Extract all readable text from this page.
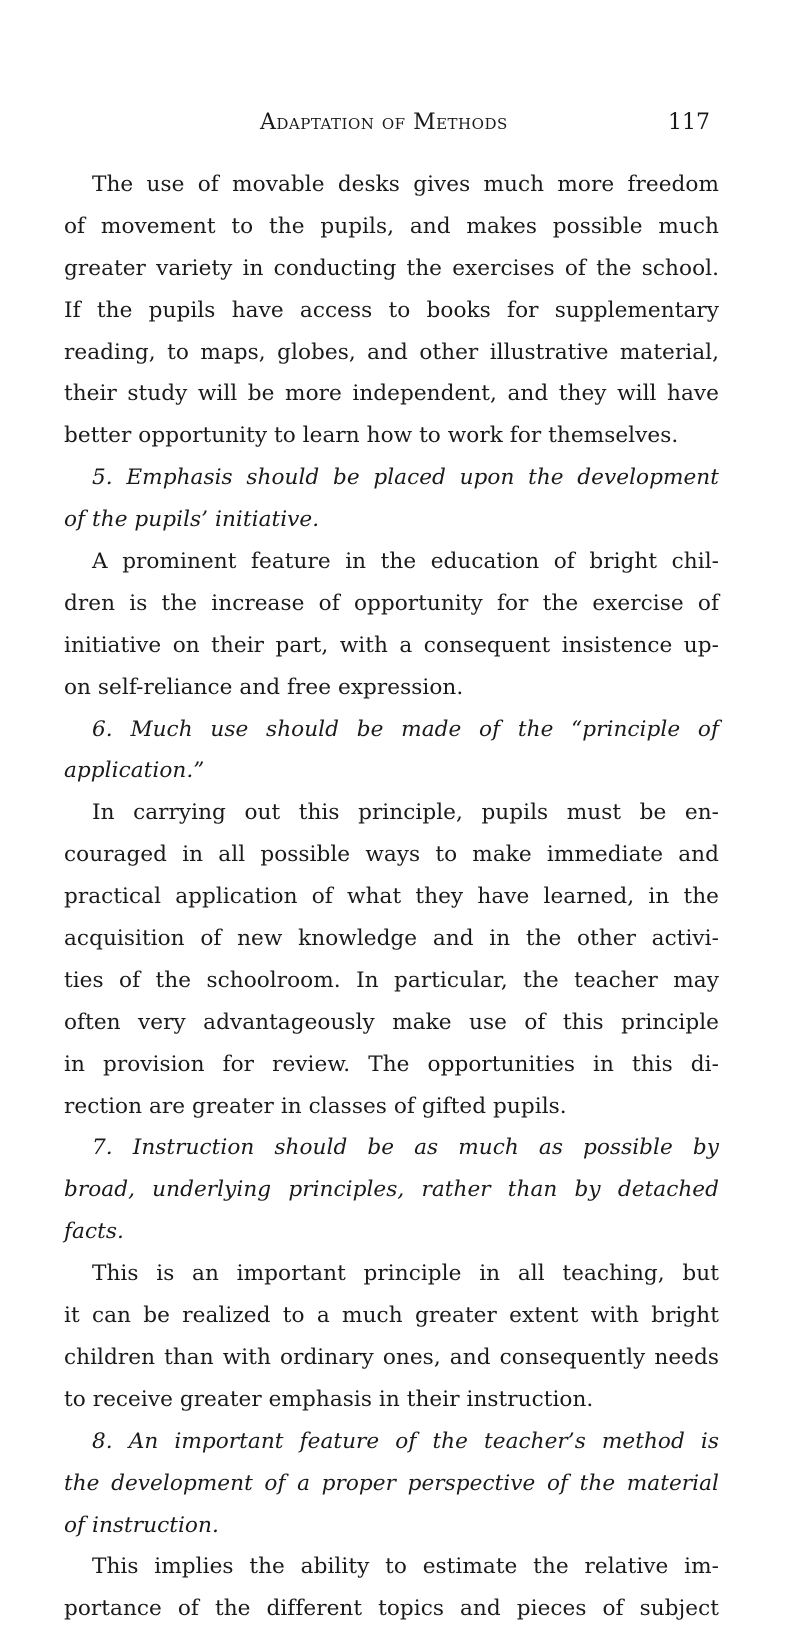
Adaptation of Methods	117
The use of movable desks gives much more freedom
of movement to the pupils, and makes possible much
greater variety in conducting the exercises of the school.
If the pupils have access to books for supplementary
reading, to maps, globes, and other illustrative material,
their study will be more independent, and they will have
better opportunity to learn how to work for themselves.
5. Emphasis should be placed upon the development
of the pupils’ initiative.
A prominent feature in the education of bright chil-
dren is the increase of opportunity for the exercise of
initiative on their part, with a consequent insistence up-
on self-reliance and free expression.
6. Much use should be made of the “principle of
application.”
In carrying out this principle, pupils must be en-
couraged in all possible ways to make immediate and
practical application of what they have learned, in the
acquisition of new knowledge and in the other activi-
ties of the schoolroom. In particular, the teacher may
often very advantageously make use of this principle
in provision for review. The opportunities in this di-
rection are greater in classes of gifted pupils.
7. Instruction should be as much as possible by
broad, underlying principles, rather than by detached
facts.
This is an important principle in all teaching, but
it can be realized to a much greater extent with bright
children than with ordinary ones, and consequently needs
to receive greater emphasis in their instruction.
8. An important feature of the teacher’s method is
the development of a proper perspective of the material
of instruction.
This implies the ability to estimate the relative im-
portance of the different topics and pieces of subject
